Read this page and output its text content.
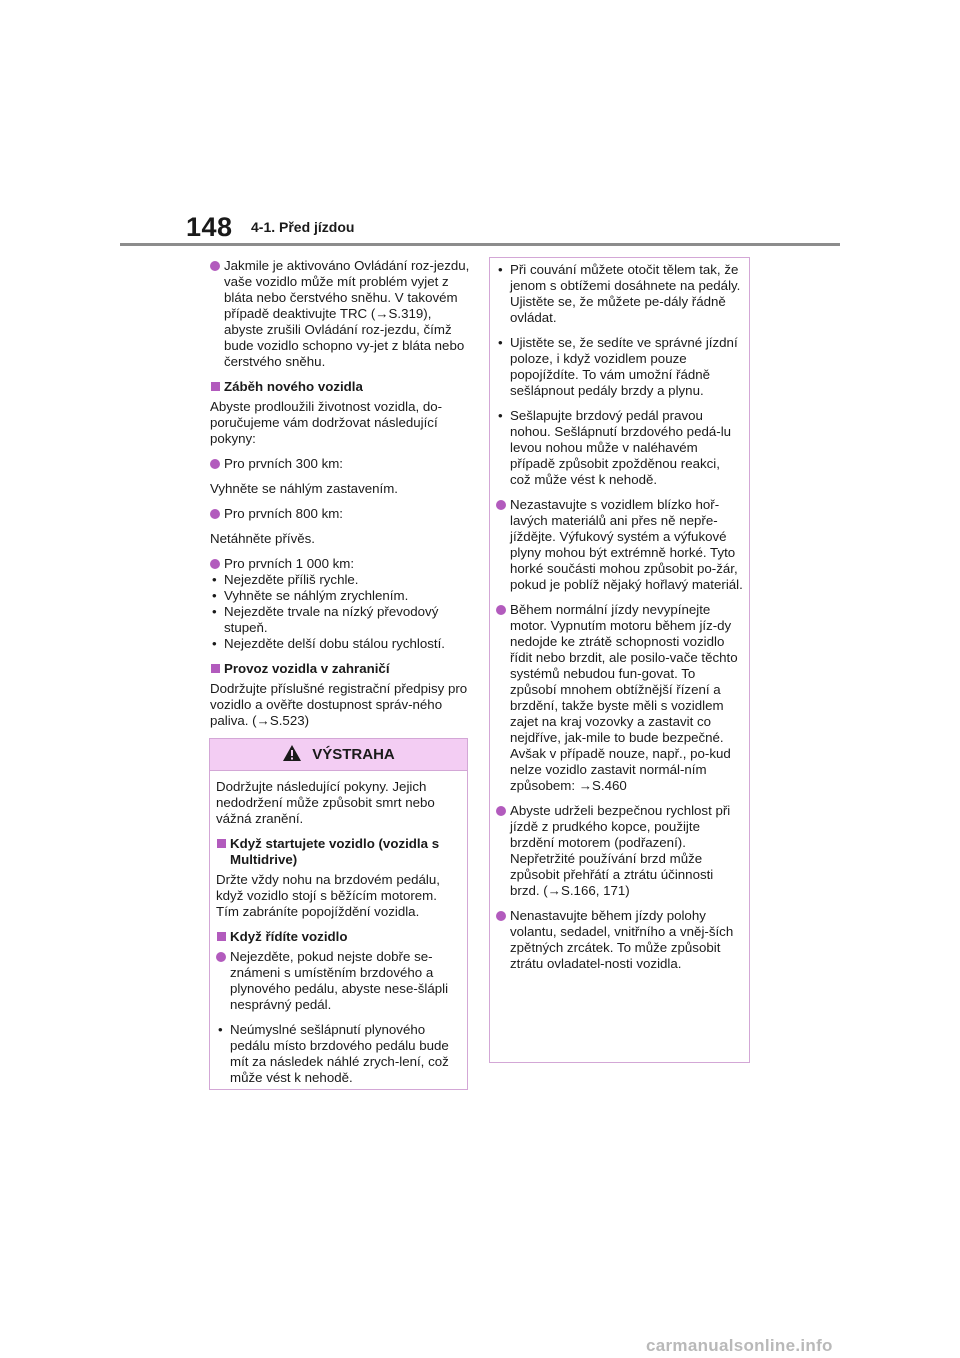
148 4-1. Před jízdou
Jakmile je aktivováno Ovládání roz-jezdu, vaše vozidlo může mít problém vyjet z bláta nebo čerstvého sněhu. V takovém případě deaktivujte TRC (→S.319), abyste zrušili Ovládání roz-jezdu, čímž bude vozidlo schopno vy-jet z bláta nebo čerstvého sněhu.
Záběh nového vozidla
Abyste prodloužili životnost vozidla, do-poručujeme vám dodržovat následující pokyny:
Pro prvních 300 km:
Vyhněte se náhlým zastavením.
Pro prvních 800 km:
Netáhněte přívěs.
Pro prvních 1 000 km:
• Nejezděte příliš rychle.
• Vyhněte se náhlým zrychlením.
• Nejezděte trvale na nízký převodový stupeň.
• Nejezděte delší dobu stálou rychlostí.
Provoz vozidla v zahraničí
Dodržujte příslušné registrační předpisy pro vozidlo a ověřte dostupnost správ-ného paliva. (→S.523)
VÝSTRAHA
Dodržujte následující pokyny. Jejich nedodržení může způsobit smrt nebo vážná zranění.
Když startujete vozidlo (vozidla s Multidrive)
Držte vždy nohu na brzdovém pedálu, když vozidlo stojí s běžícím motorem. Tím zabráníte popojíždění vozidla.
Když řídíte vozidlo
Nejezděte, pokud nejste dobře se-známeni s umístěním brzdového a plynového pedálu, abyste nese-šlápli nesprávný pedál.
• Neúmyslné sešlápnutí plynového pedálu místo brzdového pedálu bude mít za následek náhlé zrych-lení, což může vést k nehodě.
• Při couvání můžete otočit tělem tak, že jenom s obtížemi dosáhnete na pedály. Ujistěte se, že můžete pe-dály řádně ovládat.
• Ujistěte se, že sedíte ve správné jízdní poloze, i když vozidlem pouze popojíždíte. To vám umožní řádně sešlápnout pedály brzdy a plynu.
• Sešlapujte brzdový pedál pravou nohou. Sešlápnutí brzdového pedá-lu levou nohou může v naléhavém případě způsobit zpožděnou reakci, což může vést k nehodě.
Nezastavujte s vozidlem blízko hoř-lavých materiálů ani přes ně nepře-jíždějte. Výfukový systém a výfukové plyny mohou být extrémně horké. Tyto horké součásti mohou způsobit po-žár, pokud je poblíž nějaký hořlavý materiál.
Během normální jízdy nevypínejte motor. Vypnutím motoru během jíz-dy nedojde ke ztrátě schopnosti vozidlo řídit nebo brzdit, ale posilo-vače těchto systémů nebudou fun-govat. To způsobí mnohem obtížnější řízení a brzdění, takže byste měli s vozidlem zajet na kraj vozovky a zastavit co nejdříve, jak-mile to bude bezpečné. Avšak v případě nouze, např., po-kud nelze vozidlo zastavit normál-ním způsobem: →S.460
Abyste udrželi bezpečnou rychlost při jízdě z prudkého kopce, použijte brzdění motorem (podřazení). Nepřetržité používání brzd může způsobit přehřátí a ztrátu účinnosti brzd. (→S.166, 171)
Nenastavujte během jízdy polohy volantu, sedadel, vnitřního a vněj-ších zpětných zrcátek. To může způsobit ztrátu ovladatel-nosti vozidla.
carmanualsonline.info
